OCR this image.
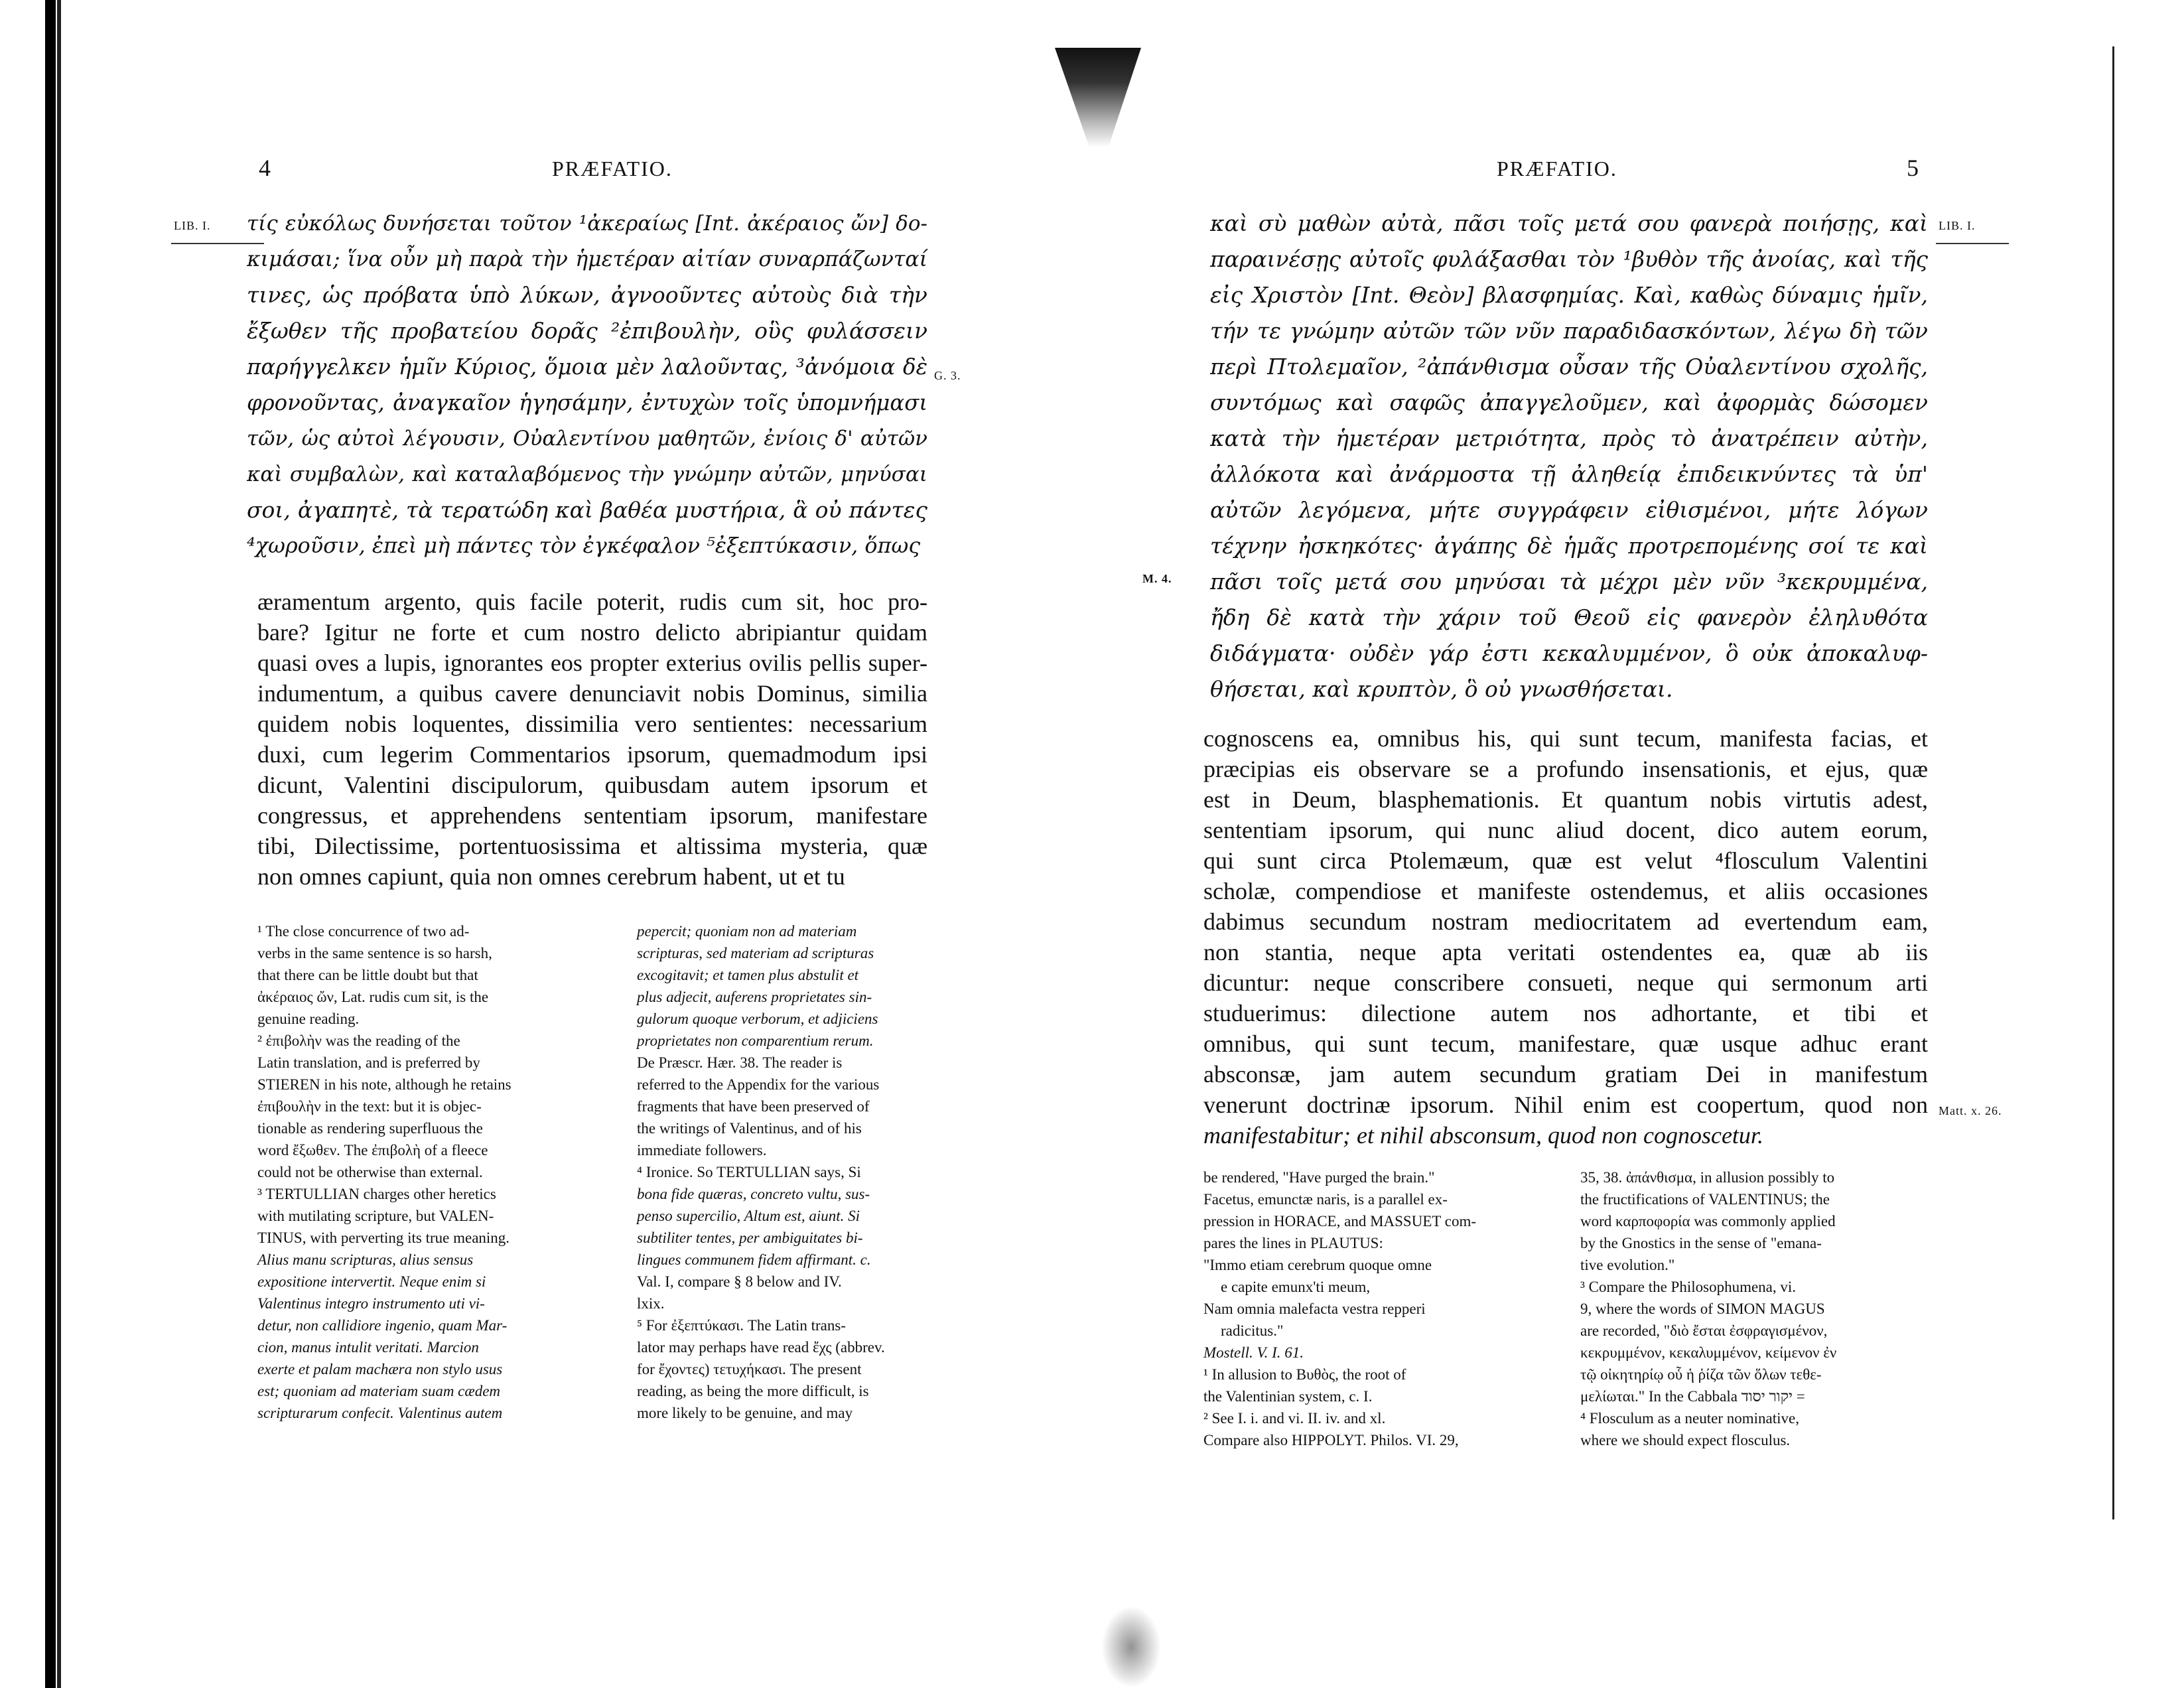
4	PRÆFATIO.
LIB. I.
G. 3.
τίς εὐκόλως δυνήσεται τοῦτον ¹ἀκεραίως [Int. ἀκέραιος ὤν] δο-
κιμάσαι; ἵνα οὖν μὴ παρὰ τὴν ἡμετέραν αἰτίαν συναρπάζωνταί
τινες, ὡς πρόβατα ὑπὸ λύκων, ἀγνοοῦντες αὐτοὺς διὰ τὴν
ἔξωθεν τῆς προβατείου δορᾶς ²ἐπιβουλὴν, οὓς φυλάσσειν
παρήγγελκεν ἡμῖν Κύριος, ὅμοια μὲν λαλοῦντας, ³ἀνόμοια δὲ
φρονοῦντας, ἀναγκαῖον ἡγησάμην, ἐντυχὼν τοῖς ὑπομνήμασι
τῶν, ὡς αὐτοὶ λέγουσιν, Οὐαλεντίνου μαθητῶν, ἐνίοις δ' αὐτῶν
καὶ συμβαλὼν, καὶ καταλαβόμενος τὴν γνώμην αὐτῶν, μηνύσαι
σοι, ἀγαπητὲ, τὰ τερατώδη καὶ βαθέα μυστήρια, ἃ οὐ πάντες
⁴χωροῦσιν, ἐπεὶ μὴ πάντες τὸν ἐγκέφαλον ⁵ἐξεπτύκασιν, ὅπως
æramentum argento, quis facile poterit, rudis cum sit, hoc pro-
bare? Igitur ne forte et cum nostro delicto abripiantur quidam
quasi oves a lupis, ignorantes eos propter exterius ovilis pellis super-
indumentum, a quibus cavere denunciavit nobis Dominus, similia
quidem nobis loquentes, dissimilia vero sentientes: necessarium
duxi, cum legerim Commentarios ipsorum, quemadmodum ipsi
dicunt, Valentini discipulorum, quibusdam autem ipsorum et
congressus, et apprehendens sententiam ipsorum, manifestare
tibi, Dilectissime, portentuosissima et altissima mysteria, quæ
non omnes capiunt, quia non omnes cerebrum habent, ut et tu
¹ The close concurrence of two ad-
verbs in the same sentence is so harsh,
that there can be little doubt but that
ἀκέραιος ὤν, Lat. rudis cum sit, is the
genuine reading.
² ἐπιβολὴν was the reading of the
Latin translation, and is preferred by
STIEREN in his note, although he retains
ἐπιβουλὴν in the text: but it is objec-
tionable as rendering superfluous the
word ἔξωθεν. The ἐπιβολὴ of a fleece
could not be otherwise than external.
³ TERTULLIAN charges other heretics
with mutilating scripture, but VALEN-
TINUS, with perverting its true meaning.
Alius manu scripturas, alius sensus
expositione intervertit. Neque enim si
Valentinus integro instrumento uti vi-
detur, non callidiore ingenio, quam Mar-
cion, manus intulit veritati. Marcion
exerte et palam machæra non stylo usus
est; quoniam ad materiam suam cædem
scripturarum confecit. Valentinus autem
pepercit; quoniam non ad materiam
scripturas, sed materiam ad scripturas
excogitavit; et tamen plus abstulit et
plus adjecit, auferens proprietates sin-
gulorum quoque verborum, et adjiciens
proprietates non comparentium rerum.
De Præscr. Hær. 38. The reader is
referred to the Appendix for the various
fragments that have been preserved of
the writings of Valentinus, and of his
immediate followers.
⁴ Ironice. So TERTULLIAN says, Si
bona fide quæras, concreto vultu, sus-
penso supercilio, Altum est, aiunt. Si
subtiliter tentes, per ambiguitates bi-
lingues communem fidem affirmant. c.
Val. I, compare § 8 below and IV.
lxix.
⁵ For ἐξεπτύκασι. The Latin trans-
lator may perhaps have read ἔχς (abbrev.
for ἔχοντες) τετυχήκασι. The present
reading, as being the more difficult, is
more likely to be genuine, and may
PRÆFATIO.	5
LIB. I.
M. 4.
Matt. x. 26.
καὶ σὺ μαθὼν αὐτὰ, πᾶσι τοῖς μετά σου φανερὰ ποιήσῃς, καὶ
παραινέσῃς αὐτοῖς φυλάξασθαι τὸν ¹βυθὸν τῆς ἀνοίας, καὶ τῆς
εἰς Χριστὸν [Int. Θεὸν] βλασφημίας. Καὶ, καθὼς δύναμις ἡμῖν,
τήν τε γνώμην αὐτῶν τῶν νῦν παραδιδασκόντων, λέγω δὴ τῶν
περὶ Πτολεμαῖον, ²ἀπάνθισμα οὖσαν τῆς Οὐαλεντίνου σχολῆς,
συντόμως καὶ σαφῶς ἀπαγγελοῦμεν, καὶ ἀφορμὰς δώσομεν
κατὰ τὴν ἡμετέραν μετριότητα, πρὸς τὸ ἀνατρέπειν αὐτὴν,
ἀλλόκοτα καὶ ἀνάρμοστα τῇ ἀληθείᾳ ἐπιδεικνύντες τὰ ὑπ'
αὐτῶν λεγόμενα, μήτε συγγράφειν εἰθισμένοι, μήτε λόγων
τέχνην ἠσκηκότες· ἀγάπης δὲ ἡμᾶς προτρεπομένης σοί τε καὶ
πᾶσι τοῖς μετά σου μηνύσαι τὰ μέχρι μὲν νῦν ³κεκρυμμένα,
ἤδη δὲ κατὰ τὴν χάριν τοῦ Θεοῦ εἰς φανερὸν ἐληλυθότα
διδάγματα· οὐδὲν γάρ ἐστι κεκαλυμμένον, ὃ οὐκ ἀποκαλυφ-
θήσεται, καὶ κρυπτὸν, ὃ οὐ γνωσθήσεται.
cognoscens ea, omnibus his, qui sunt tecum, manifesta facias, et
præcipias eis observare se a profundo insensationis, et ejus, quæ
est in Deum, blasphemationis. Et quantum nobis virtutis adest,
sententiam ipsorum, qui nunc aliud docent, dico autem eorum,
qui sunt circa Ptolemæum, quæ est velut ⁴flosculum Valentini
scholæ, compendiose et manifeste ostendemus, et aliis occasiones
dabimus secundum nostram mediocritatem ad evertendum eam,
non stantia, neque apta veritati ostendentes ea, quæ ab iis
dicuntur: neque conscribere consueti, neque qui sermonum arti
studuerimus: dilectione autem nos adhortante, et tibi et
omnibus, qui sunt tecum, manifestare, quæ usque adhuc erant
absconsæ, jam autem secundum gratiam Dei in manifestum
venerunt doctrinæ ipsorum. Nihil enim est coopertum, quod non
manifestabitur; et nihil absconsum, quod non cognoscetur.
be rendered, "Have purged the brain."
Facetus, emunctæ naris, is a parallel ex-
pression in HORACE, and MASSUET com-
pares the lines in PLAUTUS:
"Immo etiam cerebrum quoque omne
e capite emunx'ti meum,
Nam omnia malefacta vestra repperi
radicitus."
Mostell. V. I. 61.
¹ In allusion to Βυθὸς, the root of
the Valentinian system, c. I.
² See I. i. and vi. II. iv. and xl.
Compare also HIPPOLYT. Philos. VI. 29,
35, 38. ἀπάνθισμα, in allusion possibly to
the fructifications of VALENTINUS; the
word καρποφορία was commonly applied
by the Gnostics in the sense of "emana-
tive evolution."
³ Compare the Philosophumena, vi.
9, where the words of SIMON MAGUS
are recorded, "διὸ ἔσται ἐσφραγισμένον,
κεκρυμμένον, κεκαλυμμένον, κείμενον ἐν
τῷ οἰκητηρίῳ οὗ ἡ ῥίζα τῶν ὅλων τεθε-
μελίωται." In the Cabbala יקור יסוד =
⁴ Flosculum as a neuter nominative,
where we should expect flosculus.
